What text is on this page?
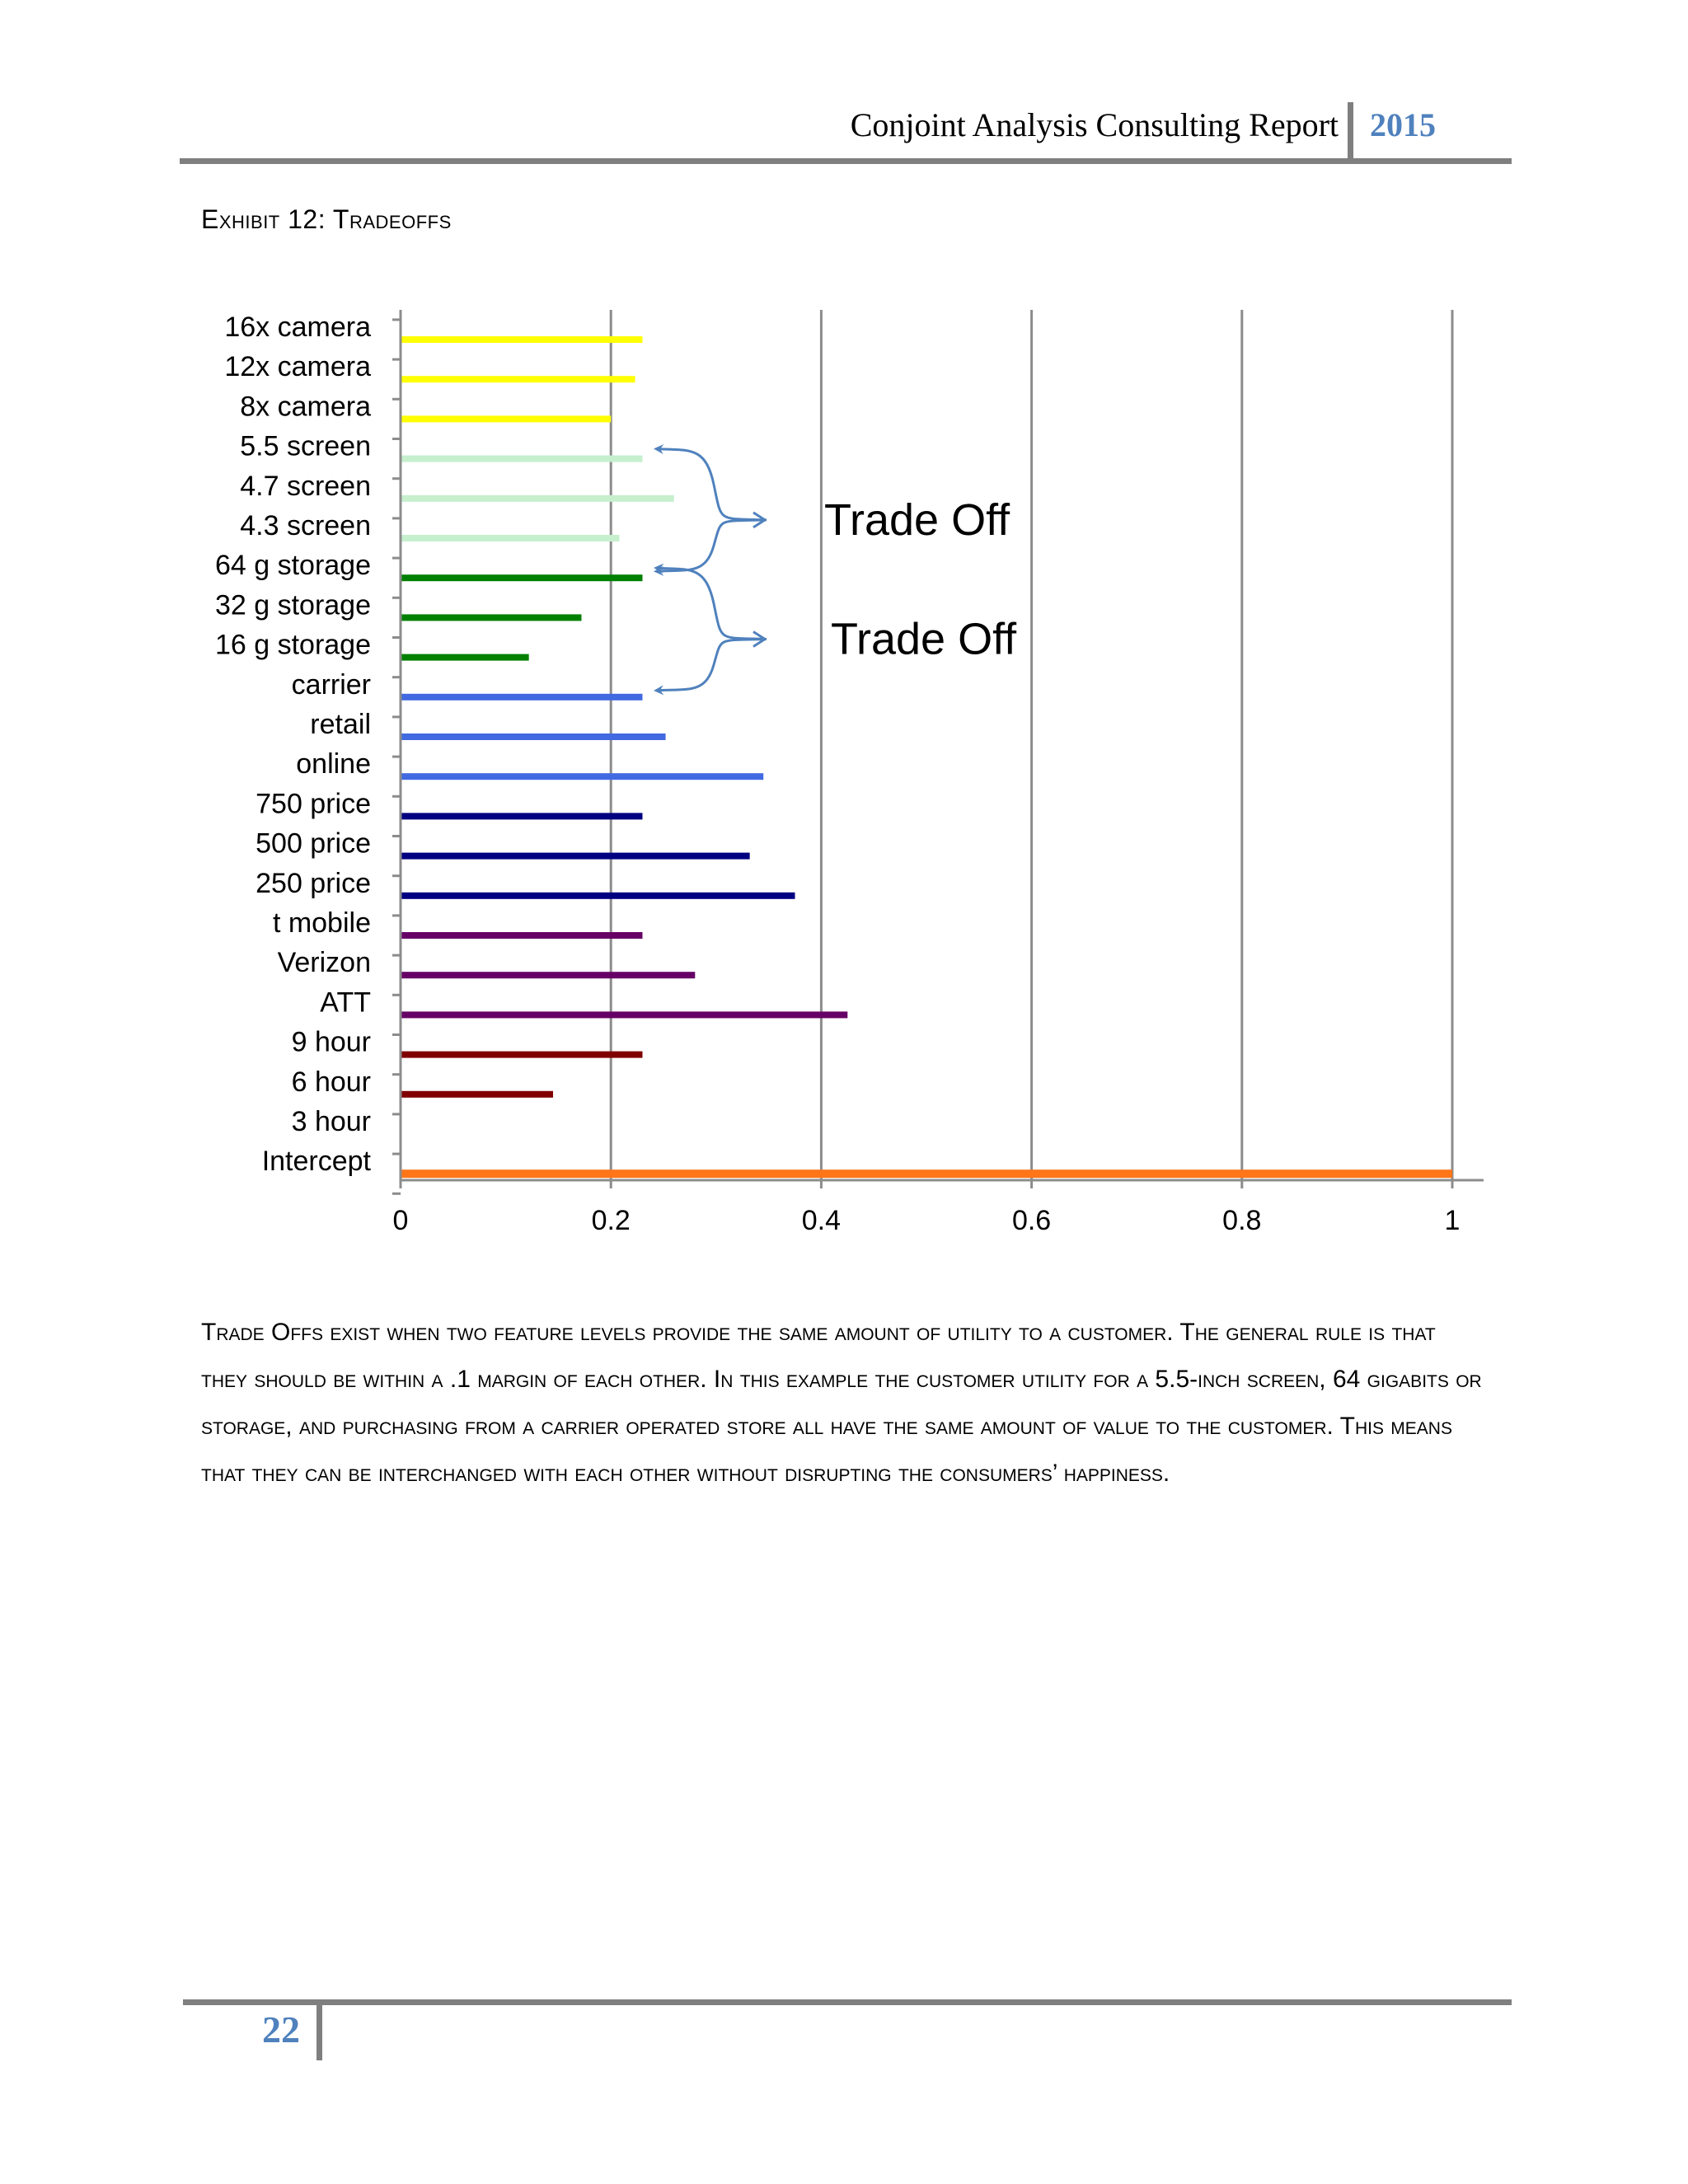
Conjoint Analysis Consulting Report 2015
Exhibit 12: Tradeoffs
16x camera
12x camera
8x camera
5.5 screen
4.7 screen
4.3 screen
64 g storage
32 g storage
16 g storage
carrier
retail
online
750 price
500 price
250 price
t mobile
Verizon
ATT
9 hour
6 hour
3 hour
Intercept
0	0.2	0.4	0.6	0.8	1
Trade Off
Trade Off

Trade Offs exist when two feature levels provide the same amount of utility to a customer. The general rule is that they should be within a .1 margin of each other. In this example the customer utility for a 5.5-inch screen, 64 gigabits or storage, and purchasing from a carrier operated store all have the same amount of value to the customer. This means that they can be interchanged with each other without disrupting the consumers’ happiness.

22
